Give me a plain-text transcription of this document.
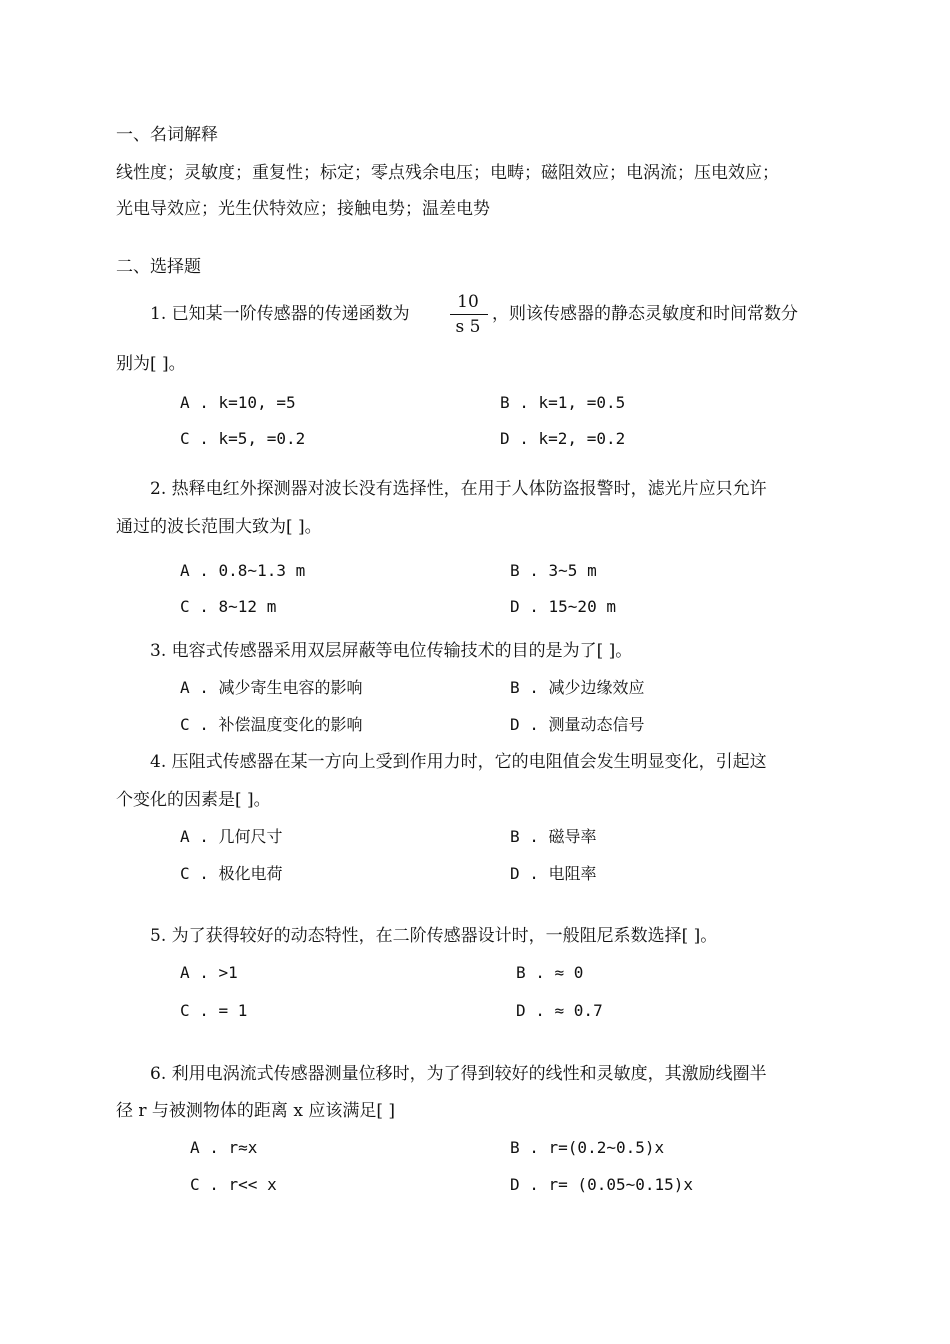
一、名词解释
线性度；灵敏度；重复性；标定；零点残余电压；电畴；磁阻效应；电涡流；压电效应；
光电导效应；光生伏特效应；接触电势；温差电势
二、选择题
1. 已知某一阶传感器的传递函数为
10
s 5
，则该传感器的静态灵敏度和时间常数分
别为[ ]。
A . k=10, =5	B . k=1, =0.5
C . k=5, =0.2	D . k=2, =0.2
2. 热释电红外探测器对波长没有选择性，在用于人体防盗报警时，滤光片应只允许
通过的波长范围大致为[ ]。
A . 0.8~1.3 m	B . 3~5 m
C . 8~12 m	D . 15~20 m
3. 电容式传感器采用双层屏蔽等电位传输技术的目的是为了[ ]。
A . 减少寄生电容的影响	B . 减少边缘效应
C . 补偿温度变化的影响	D . 测量动态信号
4. 压阻式传感器在某一方向上受到作用力时，它的电阻值会发生明显变化，引起这
个变化的因素是[ ]。
A . 几何尺寸	B . 磁导率
C . 极化电荷	D . 电阻率
5. 为了获得较好的动态特性，在二阶传感器设计时，一般阻尼系数选择[ ]。
A . >1	B . ≈ 0
C . = 1	D . ≈ 0.7
6. 利用电涡流式传感器测量位移时，为了得到较好的线性和灵敏度，其激励线圈半
径 r 与被测物体的距离 x 应该满足[ ]
A . r≈x	B . r=(0.2~0.5)x
C . r<< x	D . r= (0.05~0.15)x
